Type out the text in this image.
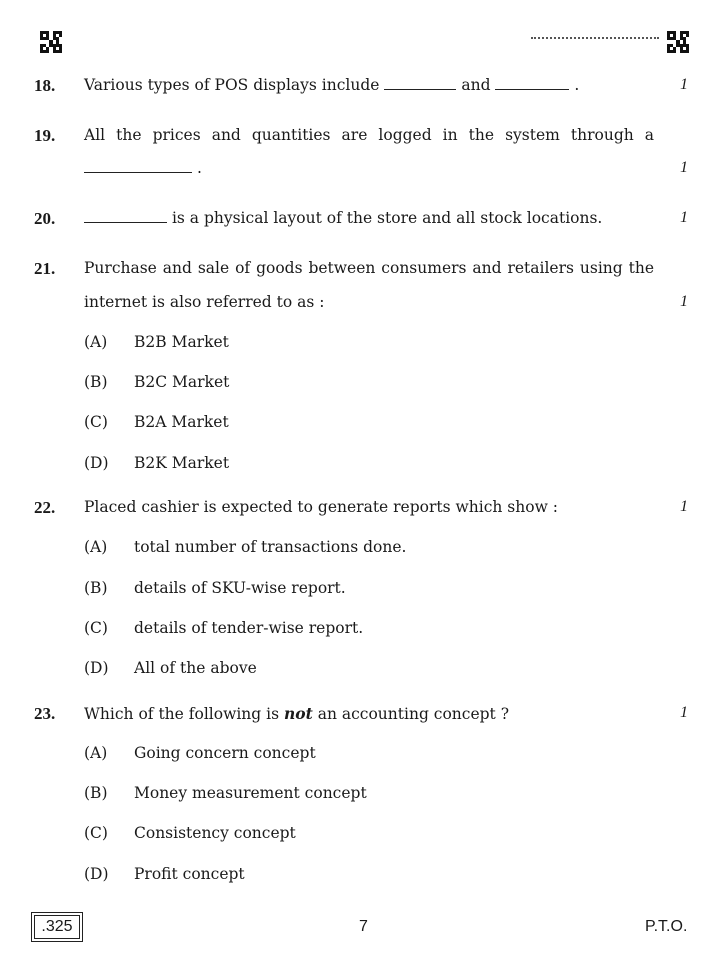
18. Various types of POS displays include	and	.	1
19. All the prices and quantities are logged in the system through a
.	1
20.	is a physical layout of the store and all stock locations.	1
21. Purchase and sale of goods between consumers and retailers using the
internet is also referred to as :	1
(A) B2B Market
(B) B2C Market
(C) B2A Market
(D) B2K Market
22. Placed cashier is expected to generate reports which show :	1
(A) total number of transactions done.
(B) details of SKU-wise report.
(C) details of tender-wise report.
(D) All of the above
23. Which of the following is not an accounting concept ?	1
(A) Going concern concept
(B) Money measurement concept
(C) Consistency concept
(D) Profit concept
.325	7	P.T.O.
